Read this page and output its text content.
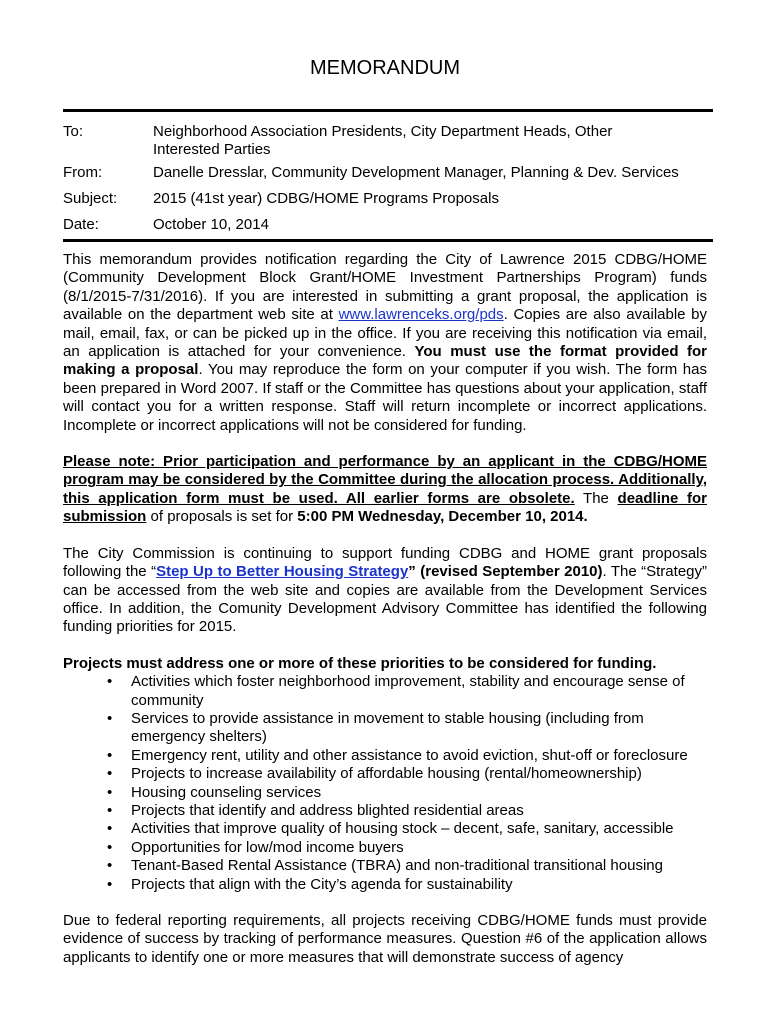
MEMORANDUM
To:	Neighborhood Association Presidents, City Department Heads, Other
Interested Parties
From:	Danelle Dresslar, Community Development Manager, Planning & Dev. Services
Subject: 2015 (41st year) CDBG/HOME Programs Proposals
Date:	October 10, 2014

This memorandum provides notification regarding the City of Lawrence 2015 CDBG/HOME (Community Development Block Grant/HOME Investment Partnerships Program) funds (8/1/2015-7/31/2016). If you are interested in submitting a grant proposal, the application is available on the department web site at www.lawrenceks.org/pds. Copies are also available by mail, email, fax, or can be picked up in the office. If you are receiving this notification via email, an application is attached for your convenience. You must use the format provided for making a proposal. You may reproduce the form on your computer if you wish. The form has been prepared in Word 2007. If staff or the Committee has questions about your application, staff will contact you for a written response. Staff will return incomplete or incorrect applications. Incomplete or incorrect applications will not be considered for funding.

Please note: Prior participation and performance by an applicant in the CDBG/HOME program may be considered by the Committee during the allocation process. Additionally, this application form must be used. All earlier forms are obsolete. The deadline for submission of proposals is set for 5:00 PM Wednesday, December 10, 2014.

The City Commission is continuing to support funding CDBG and HOME grant proposals following the “Step Up to Better Housing Strategy” (revised September 2010). The “Strategy” can be accessed from the web site and copies are available from the Development Services office. In addition, the Comunity Development Advisory Committee has identified the following funding priorities for 2015.

Projects must address one or more of these priorities to be considered for funding.

• Activities which foster neighborhood improvement, stability and encourage sense of community
• Services to provide assistance in movement to stable housing (including from emergency shelters)
• Emergency rent, utility and other assistance to avoid eviction, shut-off or foreclosure
• Projects to increase availability of affordable housing (rental/homeownership)
• Housing counseling services
• Projects that identify and address blighted residential areas
• Activities that improve quality of housing stock – decent, safe, sanitary, accessible
• Opportunities for low/mod income buyers
• Tenant-Based Rental Assistance (TBRA) and non-traditional transitional housing
• Projects that align with the City’s agenda for sustainability

Due to federal reporting requirements, all projects receiving CDBG/HOME funds must provide evidence of success by tracking of performance measures. Question #6 of the application allows applicants to identify one or more measures that will demonstrate success of agency
